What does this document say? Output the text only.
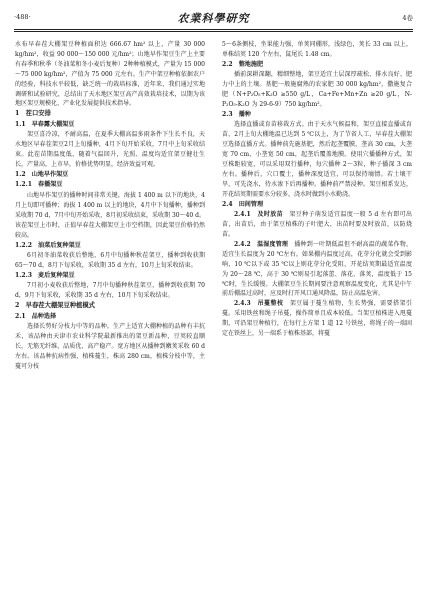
·488·	农業科學研究	4卷

水布早春茬大棚架豆种植面积达 666.67 hm² 以上，产量 30 000 kg/hm²，收益 90 000～150 000 元/hm²；山地早作架豆生产上主要有春季和秋季（冬油菜和冬小麦后复种）2种种植模式，产量为 15 000～75 000 kg/hm²，产值为 75 000 元左右。生产中架豆种植依据农户的经验，科技水平较低，缺乏统一的栽培标准，近年来，我们通过实地调研和试验研究，总结出了天水地区架豆高产高效栽培技术，以期为该地区架豆规模化、产业化发展提供技术指导。

1　茬口安排
1.1　早春露大棚架豆

架豆喜冷凉，不耐高温，在夏季大棚高温多雨条件下生长不良，天水地区早春茬架豆2月上旬播种，4月下旬开始采收，7月中上旬采收结束。此茬苗期温度低，随着气温回升，光照、温度均适宜架豆健壮生长，产量高，上市早，价格优势明显，经济效益可观。

1.2　山地早作架豆
1.2.1　春播架豆

山地早作架豆的播种时间非常关键，海拔 1 400 m 以下的地块，4月上旬即可播种；海拔 1 400 m 以上的地块，4月中下旬播种，播种到采收期 70 d，7月中旬开始采收，8月初采收结束，采收期 30～40 d。该茬架豆上市时，正值早春茬大棚架豆上市空档期，因此架豆价格仍然较高。

1.2.2　油菜后复种架豆

6月初冬油菜收获后整地，6月中旬播种秋茬架豆，播种到收获期 65～70 d，8月下旬采收，采收期 35 d 左右，10月上旬采收结束。

1.2.3　麦后复种架豆

7月初小麦收获后整地，7月中旬播种秋茬架豆，播种到收获期 70 d，9月下旬采收，采收期 35 d 左右，10月下旬采收结束。

2　早春茬大棚架豆种植模式
2.1　品种选择

选择长势好分枝力中等的品种。生产上适宜大棚种植的品种有丰抗禾，该品种由天津市农业科学院最新推出的架豆新品种，豆荚较直顺长，无筋无纤维，品质优，高产稳产。宽方地区从播种到嫩荚采收 60 d 左右。该品种抗病性强，植株蔓生，株高 280 cm，植株分枝中等，主蔓可分枝

5～6条侧枝，坐果能力强，单荚同棚形，浅绿色，荚长 33 cm 以上，单株结荚 120 个左右，鼠尾长 1.48 cm。

2.2　整地施肥

插前深耕深翻，精细整地，架豆适宜土层深厚疏松、排水良好、肥力中上的土壤。基肥一般施腐熟的农家肥 30 000 kg/hm²，撒施复合肥（N+P₂O₅+K₂O ≥550 g/L，Ca+Fe+Mn+Zn ≥20 g/L，N-P₂O₅-K₂O 为 29-6-9）750 kg/hm²。

2.3　播种

选择直播或育苗移栽方式。由于天水气候温和，架豆直接直播或育苗，2月上旬大棚地温已达到 5 ℃以上，为了节省人工，早春茬大棚架豆选择直播方式。播种前先施基肥，然后起垄覆膜，垄高 30 cm，大垄宽 70 cm，小垄宽 50 cm，起垄后覆盖地膜。使用穴播播种方式，架豆株距较宽，可以采用双行播种，每穴播种 2～3粒，种子播深 3 cm 左右。播种后，穴口覆土，播种深度适宜，可以保持墒情。若土壤干旱，可先浇水，待水渗下后再播种。播种前严禁浸种。架豆根系发达，开花结荚期需要水分较多，浇水时做到小水勤浇。

2.4　田间管理

2.4.1　及时放苗　 架豆种子萌发适宜温度一般 5 d 左右即可出苗，出苗后，由于架豆植株的子叶肥大，出苗时要及时放苗，以防烧苗。

2.4.2　温湿度管理　 播种到一叶期低温但不耐高温的蔬菜作物，适宜生长温度为 20 ℃左右。如果棚内温度过高，花芽分化就会受到影响，10 ℃以下或 35 ℃以上则花芽分化受阻，开花结荚期最适宜温度为 20～28 ℃，高于 30 ℃则易引起落蕾、落花、落荚，温度低于 15 ℃时，生长缓慢。大棚架豆生长期间要注意观察温度变化，尤其是中午前后棚温过高时，应及时打开风口通风降温，防止高温危害。

2.4.3　吊蔓整枝　 架豆属于蔓生植物，生长势强，需要搭架引蔓。采用铁丝和绳子吊蔓，操作简单且成本较低。当架豆植株进入甩蔓期，可沿架豆种植行，在每行上方架 1 道 12 号铁丝，将绳子的一端固定在铁丝上，另一端系于植株基部，将蔓
